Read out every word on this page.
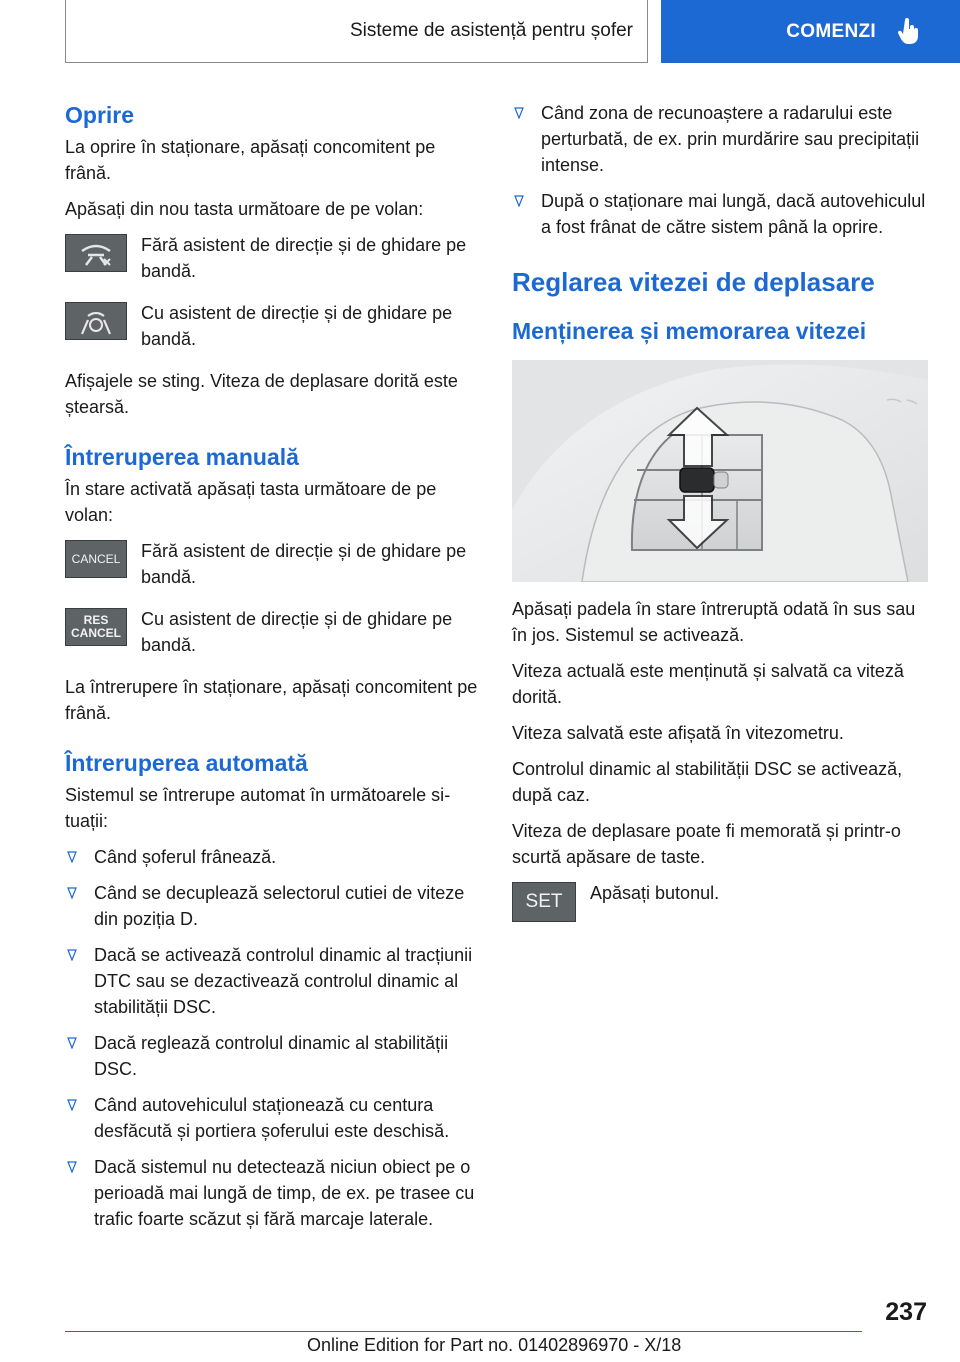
Sisteme de asistență pentru șofer	COMENZI
Oprire

La oprire în staționare, apăsați concomitent pe frână.

Apăsați din nou tasta următoare de pe volan:

Fără asistent de direcție și de ghidare pe bandă.

Cu asistent de direcție și de ghidare pe bandă.

Afișajele se sting. Viteza de deplasare dorită este ștearsă.

Întreruperea manuală

În stare activată apăsați tasta următoare de pe volan:

CANCEL Fără asistent de direcție și de ghidare pe bandă.

RES
CANCEL

Cu asistent de direcție și de ghidare pe bandă.

La întrerupere în staționare, apăsați concomitent pe frână.

Întreruperea automată

Sistemul se întrerupe automat în următoarele situații:

Când șoferul frânează.
Când se decuplează selectorul cutiei de viteze din poziția D.
Dacă se activează controlul dinamic al tracțiunii DTC sau se dezactivează controlul dinamic al stabilității DSC.
Dacă reglează controlul dinamic al stabilității DSC.
Când autovehiculul staționează cu centura desfăcută și portiera șoferului este deschisă.
Dacă sistemul nu detectează niciun obiect pe o perioadă mai lungă de timp, de ex. pe trasee cu trafic foarte scăzut și fără marcaje laterale.
Când zona de recunoaștere a radarului este perturbată, de ex. prin murdărire sau precipitații intense.
După o staționare mai lungă, dacă autovehiculul a fost frânat de către sistem până la oprire.
Reglarea vitezei de deplasare
Menținerea și memorarea vitezei

Apăsați padela în stare întreruptă odată în sus sau în jos. Sistemul se activează.

Viteza actuală este menținută și salvată ca viteză dorită.

Viteza salvată este afișată în vitezometru.

Controlul dinamic al stabilității DSC se activează, după caz.

Viteza de deplasare poate fi memorată și printr-o scurtă apăsare de taste.

SET Apăsați butonul.

237
Online Edition for Part no. 01402896970 - X/18
